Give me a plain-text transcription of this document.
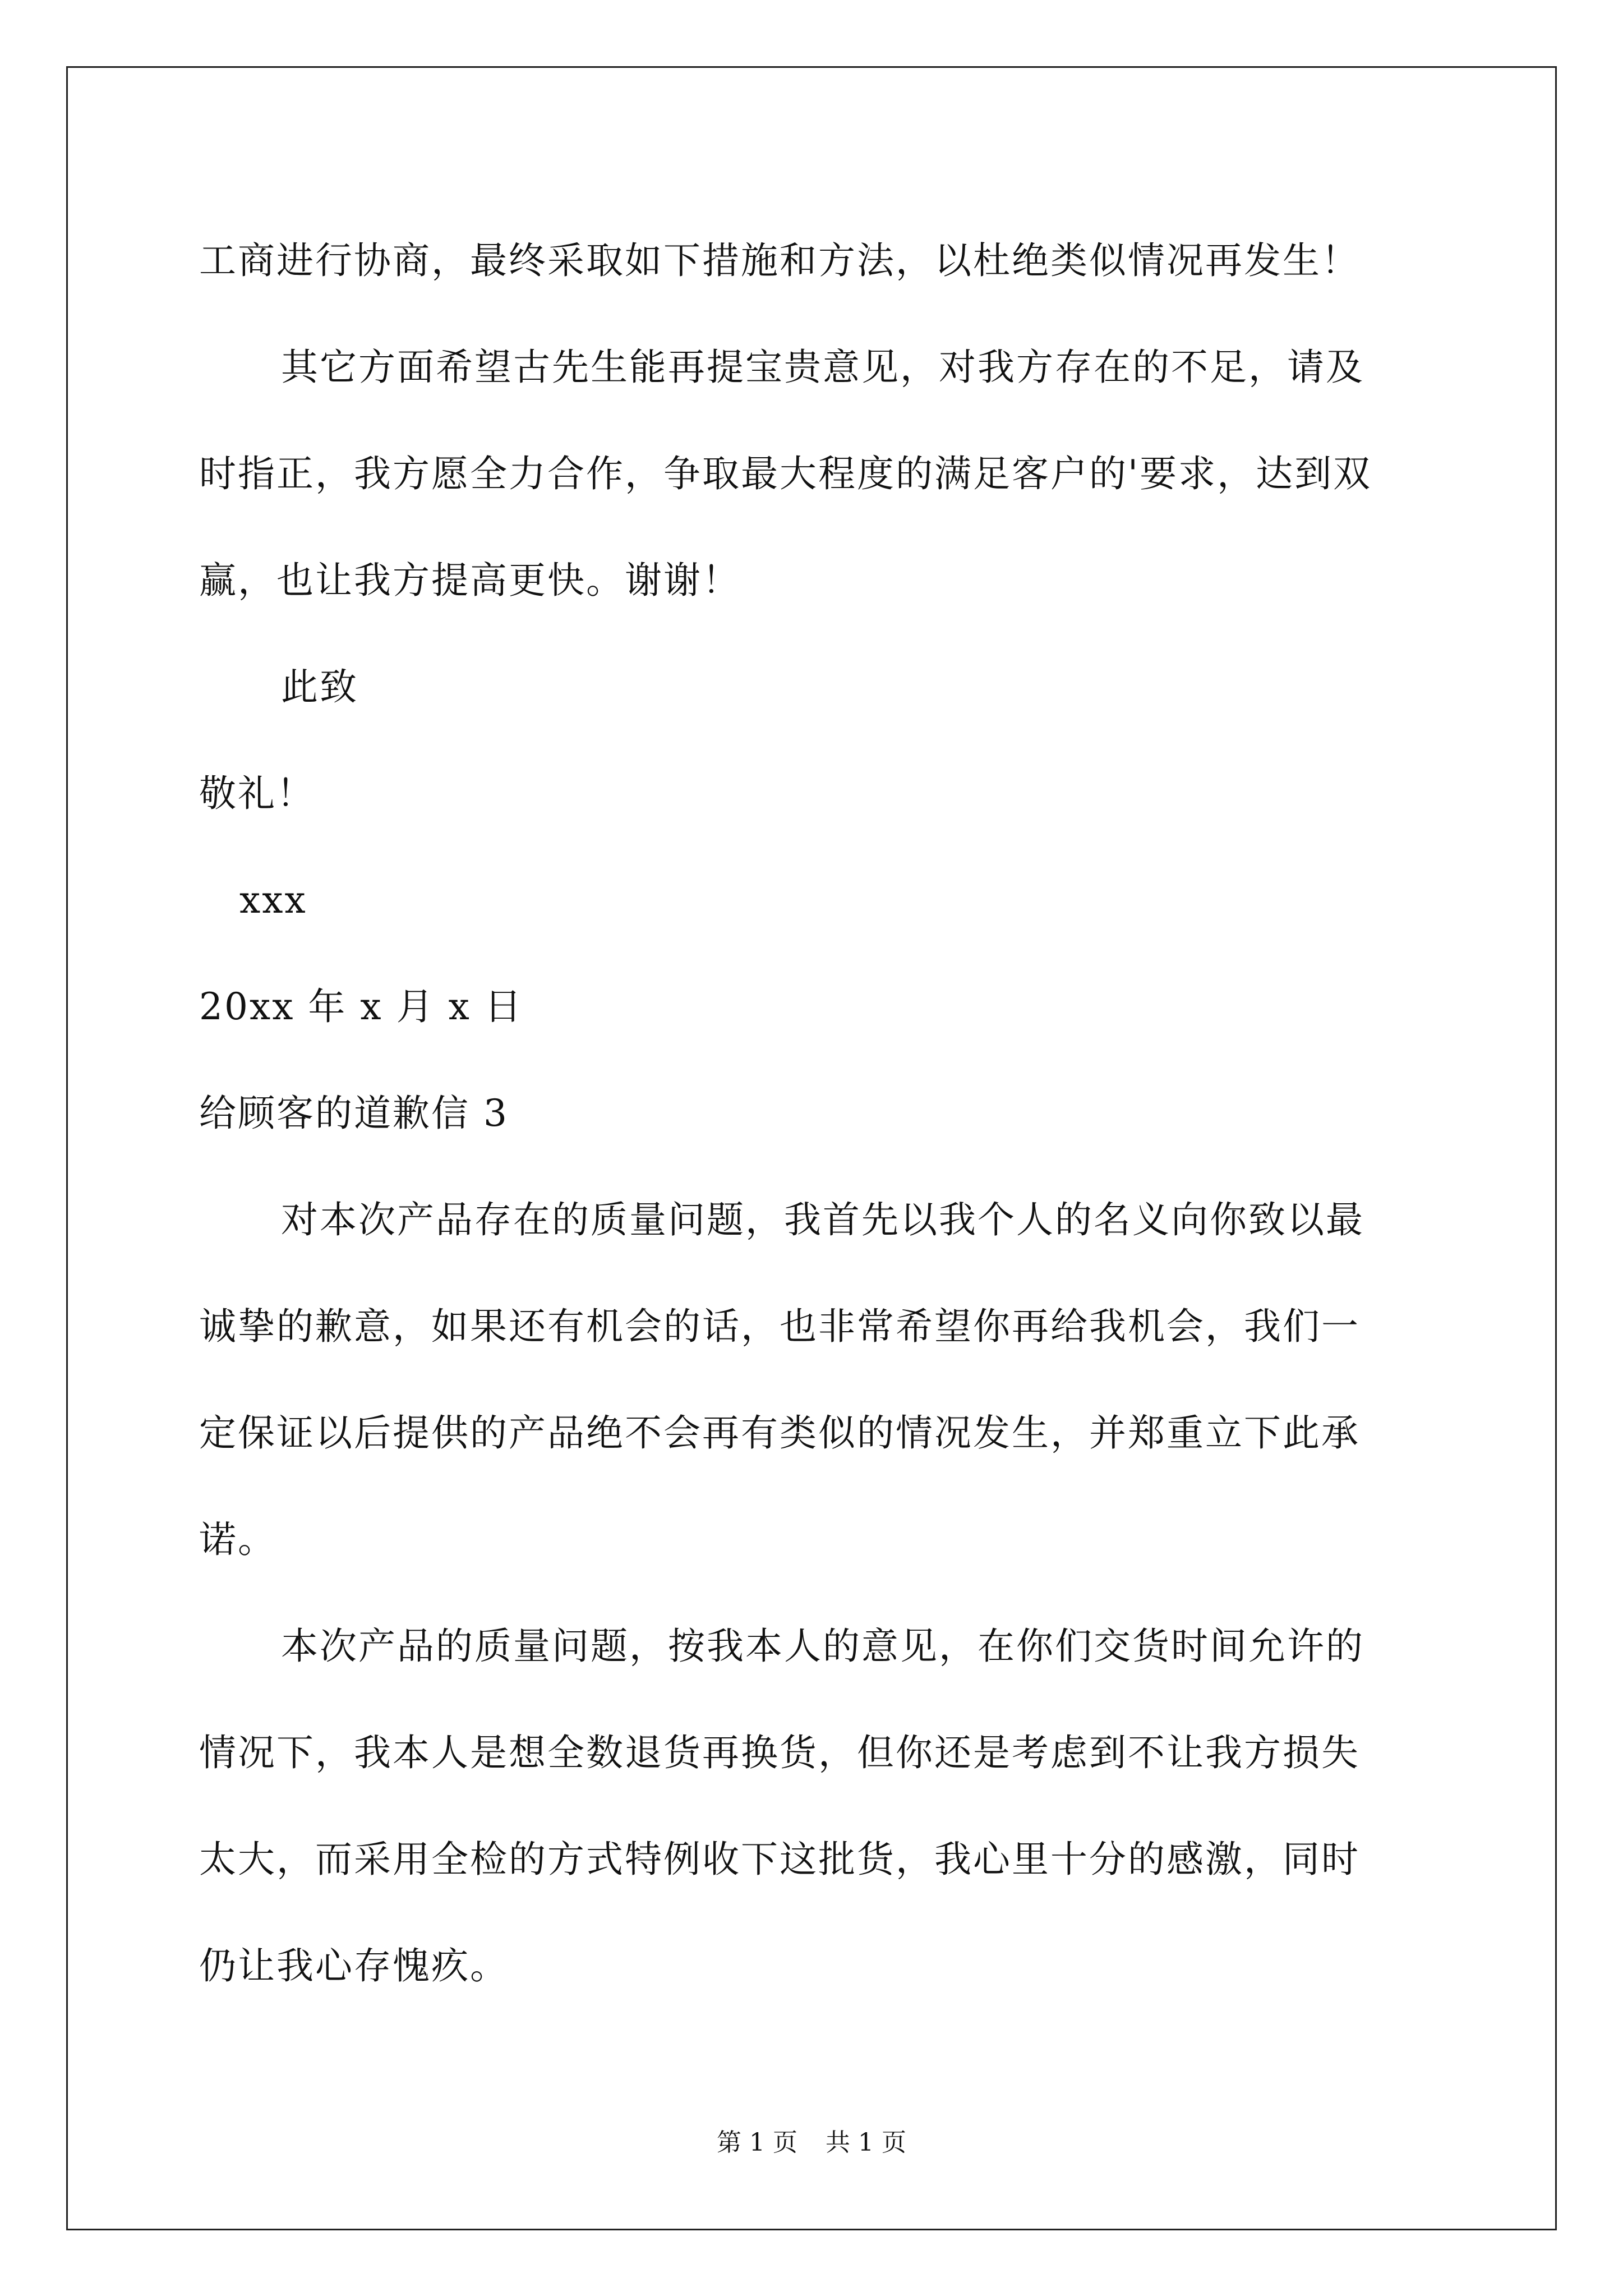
工商进行协商，最终采取如下措施和方法，以杜绝类似情况再发生！
其它方面希望古先生能再提宝贵意见，对我方存在的不足，请及
时指正，我方愿全力合作，争取最大程度的满足客户的'要求，达到双
赢，也让我方提高更快。谢谢！
此致
敬礼！
xxx
20xx 年 x 月 x 日
给顾客的道歉信 3
对本次产品存在的质量问题，我首先以我个人的名义向你致以最
诚挚的歉意，如果还有机会的话，也非常希望你再给我机会，我们一
定保证以后提供的产品绝不会再有类似的情况发生，并郑重立下此承
诺。
本次产品的质量问题，按我本人的意见，在你们交货时间允许的
情况下，我本人是想全数退货再换货，但你还是考虑到不让我方损失
太大，而采用全检的方式特例收下这批货，我心里十分的感激，同时
仍让我心存愧疚。
第 1 页 共 1 页
